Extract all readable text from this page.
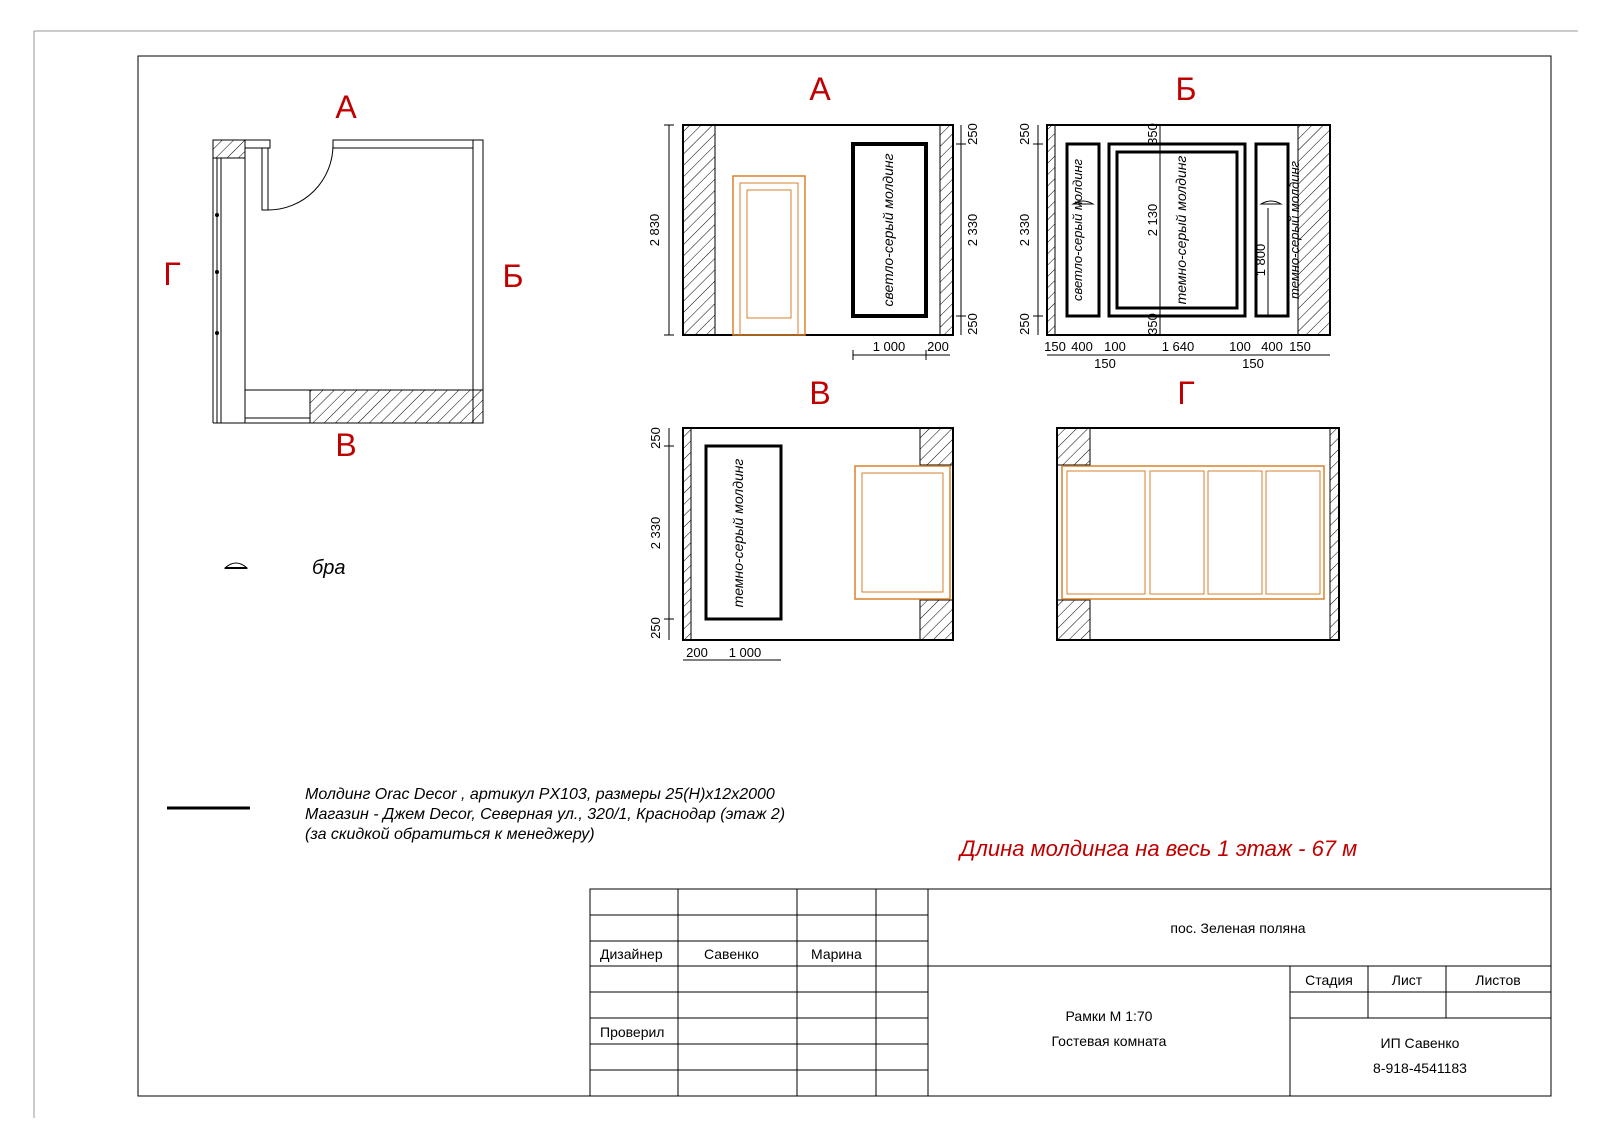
А
Б
В
Г
бра
А
светло-серый молдинг
2 830
250
2 330
250
1 000 200
Б
светло-серый молдинг	темно-серый молдинг	темно-серый молдинг
250
2 330
250
350
350
2 130
1 800
150 400 100	1 640	100 400 150
150	150
В
темно-серый молдинг
250
2 330
250
200 1 000
Г
Молдинг Orac Decor , артикул PX103, размеры 25(H)x12x2000
Магазин - Джем Decor, Северная ул., 320/1, Краснодар (этаж 2)
(за скидкой обратиться к менеджеру)
Длина молдинга на весь 1 этаж - 67 м
Дизайнер	Савенко	Марина
Проверил
пос. Зеленая поляна
Рамки М 1:70
Гостевая комната
Стадия	Лист	Листов
ИП Савенко
8-918-4541183
